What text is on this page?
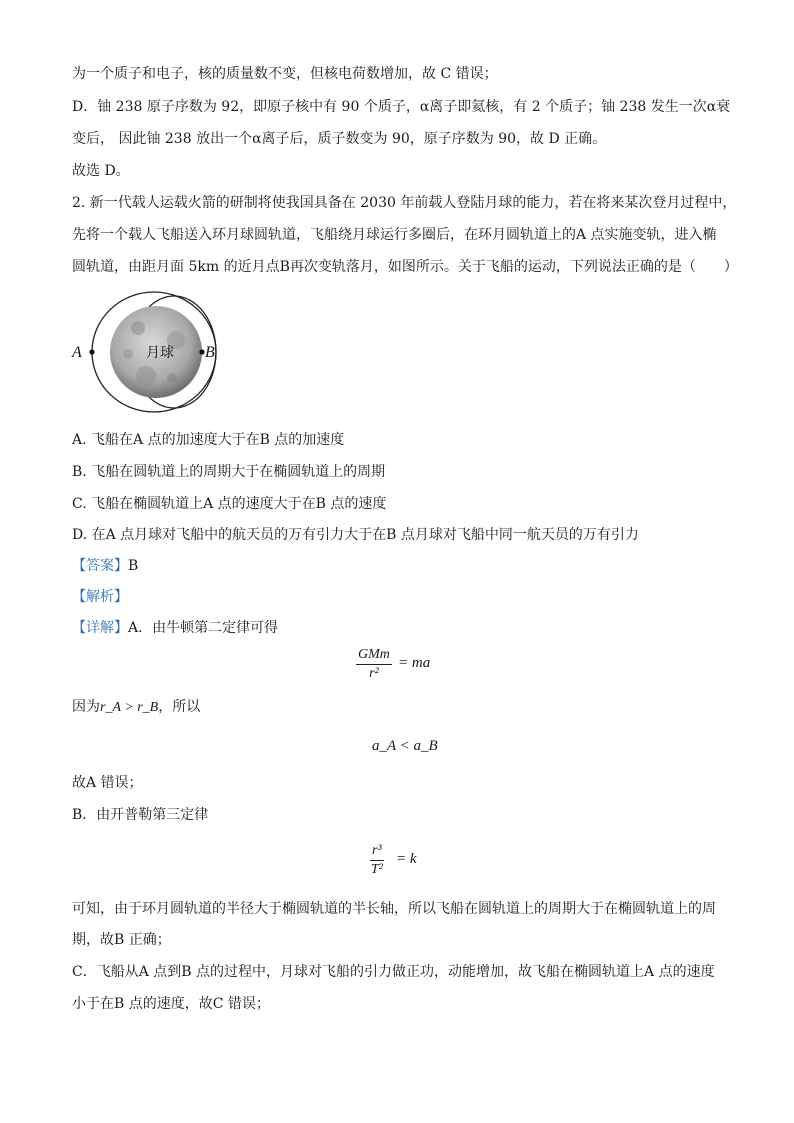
为一个质子和电子，核的质量数不变，但核电荷数增加，故 C 错误；
D．铀 238 原子序数为 92，即原子核中有 90 个质子，α离子即氦核，有 2 个质子；铀 238 发生一次α衰
变后， 因此铀 238 放出一个α离子后，质子数变为 90，原子序数为 90，故 D 正确。
故选 D。
2. 新一代载人运载火箭的研制将使我国具备在 2030 年前载人登陆月球的能力，若在将来某次登月过程中，
先将一个载人飞船送入环月球圆轨道，飞船绕月球运行多圈后，在环月圆轨道上的A 点实施变轨，进入椭
圆轨道，由距月面 5km 的近月点B再次变轨落月，如图所示。关于飞船的运动，下列说法正确的是（　　）
月球
A	B
A. 飞船在A 点的加速度大于在B 点的加速度
B. 飞船在圆轨道上的周期大于在椭圆轨道上的周期
C. 飞船在椭圆轨道上A 点的速度大于在B 点的速度
D. 在A 点月球对飞船中的航天员的万有引力大于在B 点月球对飞船中同一航天员的万有引力
【答案】B
【解析】
【详解】A．由牛顿第二定律可得
GMm
r²
= ma
因为r_A > r_B，所以
a_A < a_B
故A 错误；
B．由开普勒第三定律
$\frac{\text{r³}}{\text{T²}} = k$
可知，由于环月圆轨道的半径大于椭圆轨道的半长轴，所以飞船在圆轨道上的周期大于在椭圆轨道上的周
期，故B 正确；
C．飞船从A 点到B 点的过程中，月球对飞船的引力做正功，动能增加，故飞船在椭圆轨道上A 点的速度
小于在B 点的速度，故C 错误；
